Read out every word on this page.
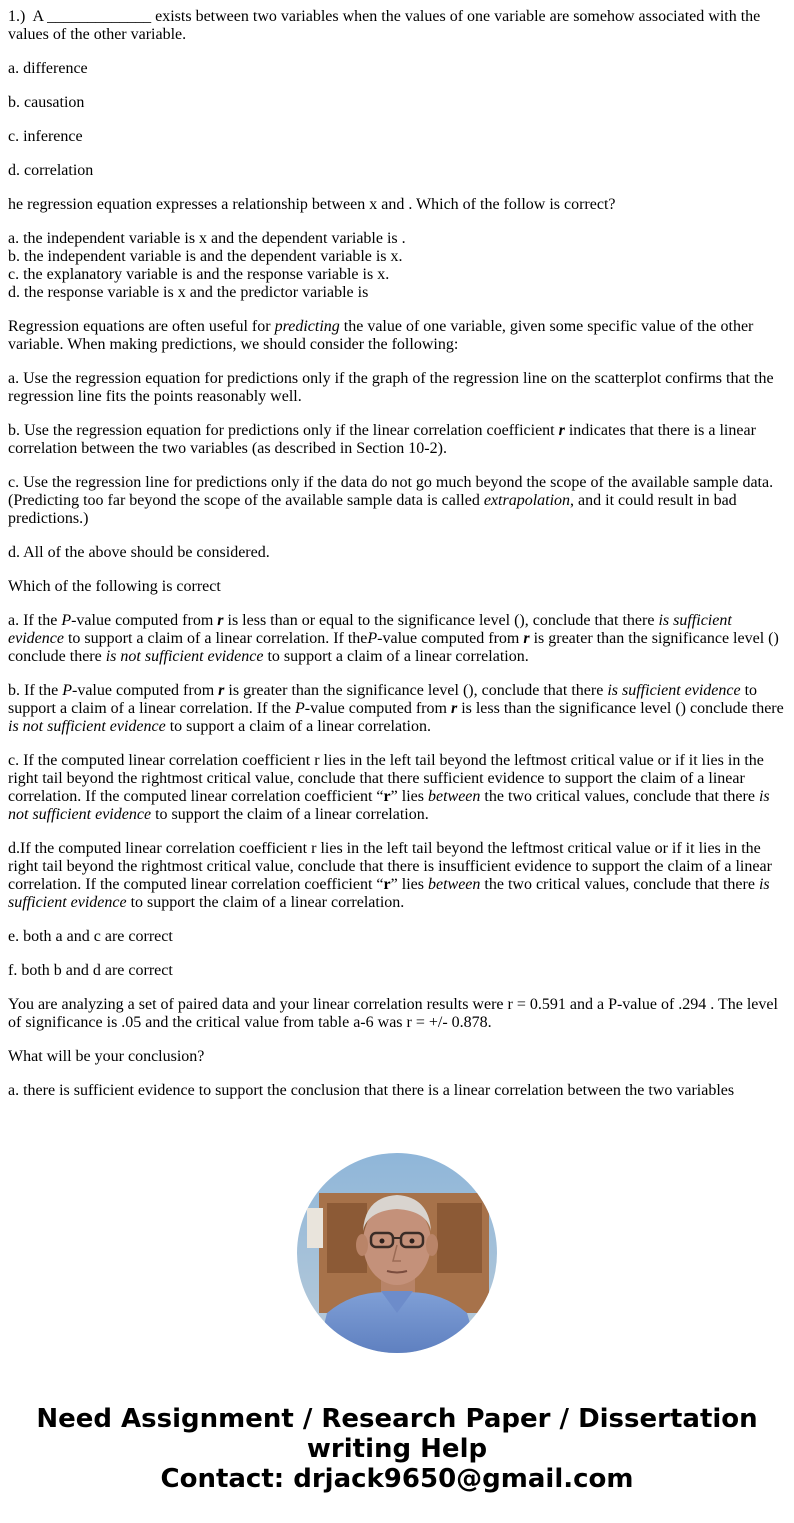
1.) A _____________ exists between two variables when the values of one variable are somehow associated with the values of the other variable.
a. difference
b. causation
c. inference
d. correlation
he regression equation expresses a relationship between x and . Which of the follow is correct?
a. the independent variable is x and the dependent variable is .
b. the independent variable is and the dependent variable is x.
c. the explanatory variable is and the response variable is x.
d. the response variable is x and the predictor variable is
Regression equations are often useful for predicting the value of one variable, given some specific value of the other variable. When making predictions, we should consider the following:
a. Use the regression equation for predictions only if the graph of the regression line on the scatterplot confirms that the regression line fits the points reasonably well.
b. Use the regression equation for predictions only if the linear correlation coefficient r indicates that there is a linear correlation between the two variables (as described in Section 10-2).
c. Use the regression line for predictions only if the data do not go much beyond the scope of the available sample data. (Predicting too far beyond the scope of the available sample data is called extrapolation, and it could result in bad predictions.)
d. All of the above should be considered.
Which of the following is correct
a. If the P-value computed from r is less than or equal to the significance level (), conclude that there is sufficient evidence to support a claim of a linear correlation. If theP-value computed from r is greater than the significance level () conclude there is not sufficient evidence to support a claim of a linear correlation.
b. If the P-value computed from r is greater than the significance level (), conclude that there is sufficient evidence to support a claim of a linear correlation. If the P-value computed from r is less than the significance level () conclude there is not sufficient evidence to support a claim of a linear correlation.
c. If the computed linear correlation coefficient r lies in the left tail beyond the leftmost critical value or if it lies in the right tail beyond the rightmost critical value, conclude that there sufficient evidence to support the claim of a linear correlation. If the computed linear correlation coefficient “r” lies between the two critical values, conclude that there is not sufficient evidence to support the claim of a linear correlation.
d.If the computed linear correlation coefficient r lies in the left tail beyond the leftmost critical value or if it lies in the right tail beyond the rightmost critical value, conclude that there is insufficient evidence to support the claim of a linear correlation. If the computed linear correlation coefficient “r” lies between the two critical values, conclude that there is sufficient evidence to support the claim of a linear correlation.
e. both a and c are correct
f. both b and d are correct
You are analyzing a set of paired data and your linear correlation results were r = 0.591 and a P-value of .294 . The level of significance is .05 and the critical value from table a-6 was r = +/- 0.878.
What will be your conclusion?
a. there is sufficient evidence to support the conclusion that there is a linear correlation between the two variables
Need Assignment / Research Paper / Dissertation
writing Help
Contact: drjack9650@gmail.com
